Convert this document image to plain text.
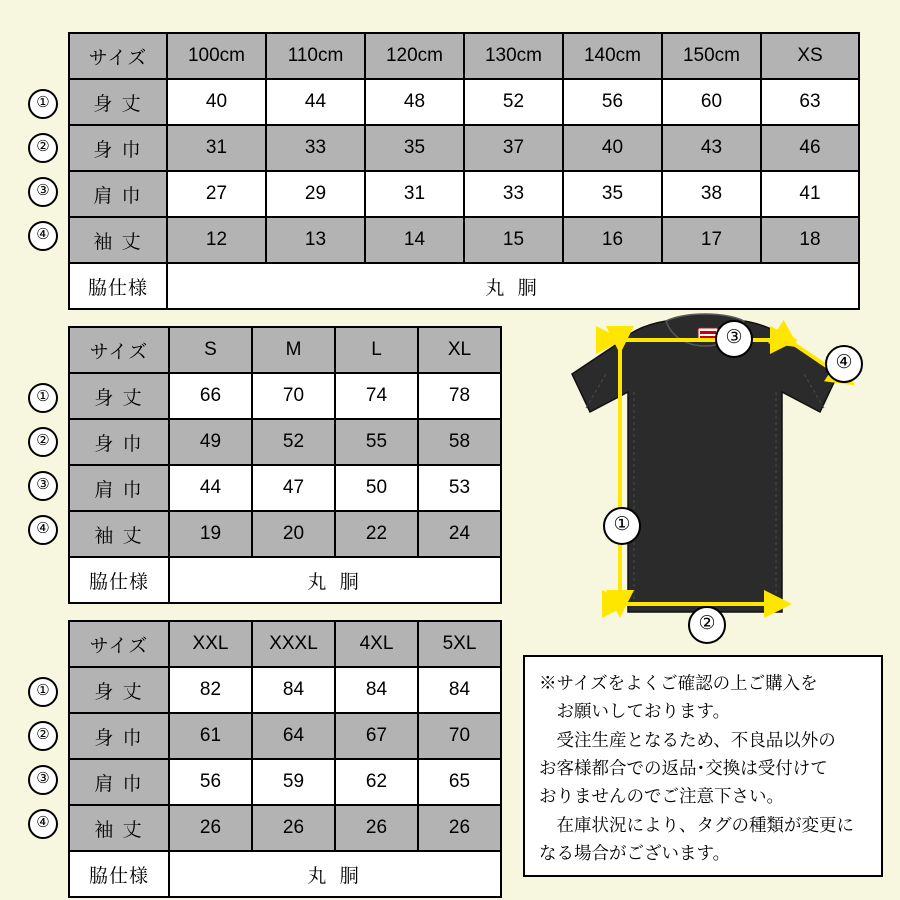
サイズ	100cm	110cm	120cm	130cm	140cm	150cm	XS
身 丈	40	44	48	52	56	60	63
身 巾	31	33	35	37	40	43	46
肩 巾	27	29	31	33	35	38	41
袖 丈	12	13	14	15	16	17	18
脇仕様	丸 胴						
①
②
③
④
サイズ	S	M	L	XL
身 丈	66	70	74	78
身 巾	49	52	55	58
肩 巾	44	47	50	53
袖 丈	19	20	22	24
脇仕様	丸 胴			
①
②
③
④
サイズ	XXL	XXXL	4XL	5XL
身 丈	82	84	84	84
身 巾	61	64	67	70
肩 巾	56	59	62	65
袖 丈	26	26	26	26
脇仕様	丸 胴			
①
②
③
④
①
②
③
④

※サイズをよくご確認の上ご購入を

お願いしております。

受注生産となるため、不良品以外の

お客様都合での返品･交換は受付けて

おりませんのでご注意下さい。

在庫状況により、タグの種類が変更に

なる場合がございます。
